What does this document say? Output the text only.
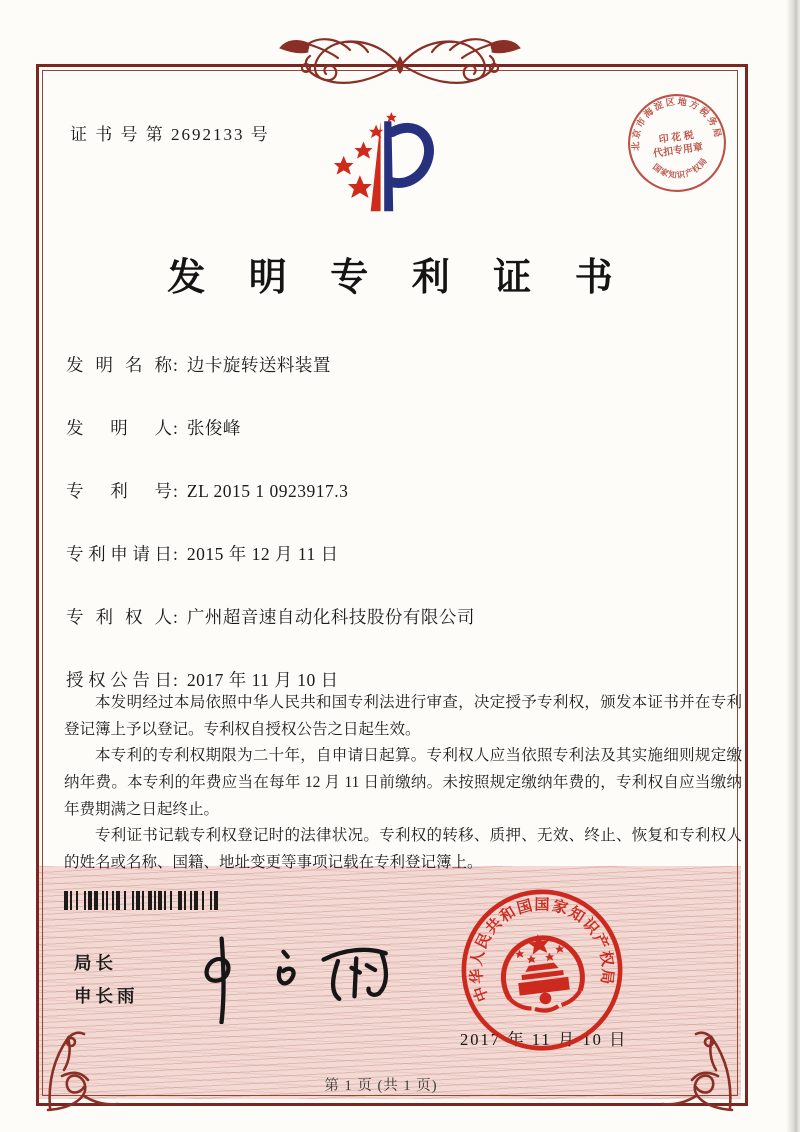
证 书 号 第 2692133 号
北京市海淀区地方税务局
印 花 税
代扣专用章
国家知识产权局
发 明 专 利 证 书
发明名称: 边卡旋转送料装置
发明人: 张俊峰
专利号: ZL 2015 1 0923917.3
专利申请日: 2015 年 12 月 11 日
专利权人: 广州超音速自动化科技股份有限公司
授权公告日: 2017 年 11 月 10 日

本发明经过本局依照中华人民共和国专利法进行审查，决定授予专利权，颁发本证书并在专利登记簿上予以登记。专利权自授权公告之日起生效。

本专利的专利权期限为二十年，自申请日起算。专利权人应当依照专利法及其实施细则规定缴纳年费。本专利的年费应当在每年 12 月 11 日前缴纳。未按照规定缴纳年费的，专利权自应当缴纳年费期满之日起终止。

专利证书记载专利权登记时的法律状况。专利权的转移、质押、无效、终止、恢复和专利权人的姓名或名称、国籍、地址变更等事项记载在专利登记簿上。

局长
申长雨
2017 年 11 月 10 日
中华人民共和国国家知识产权局
第 1 页 (共 1 页)
